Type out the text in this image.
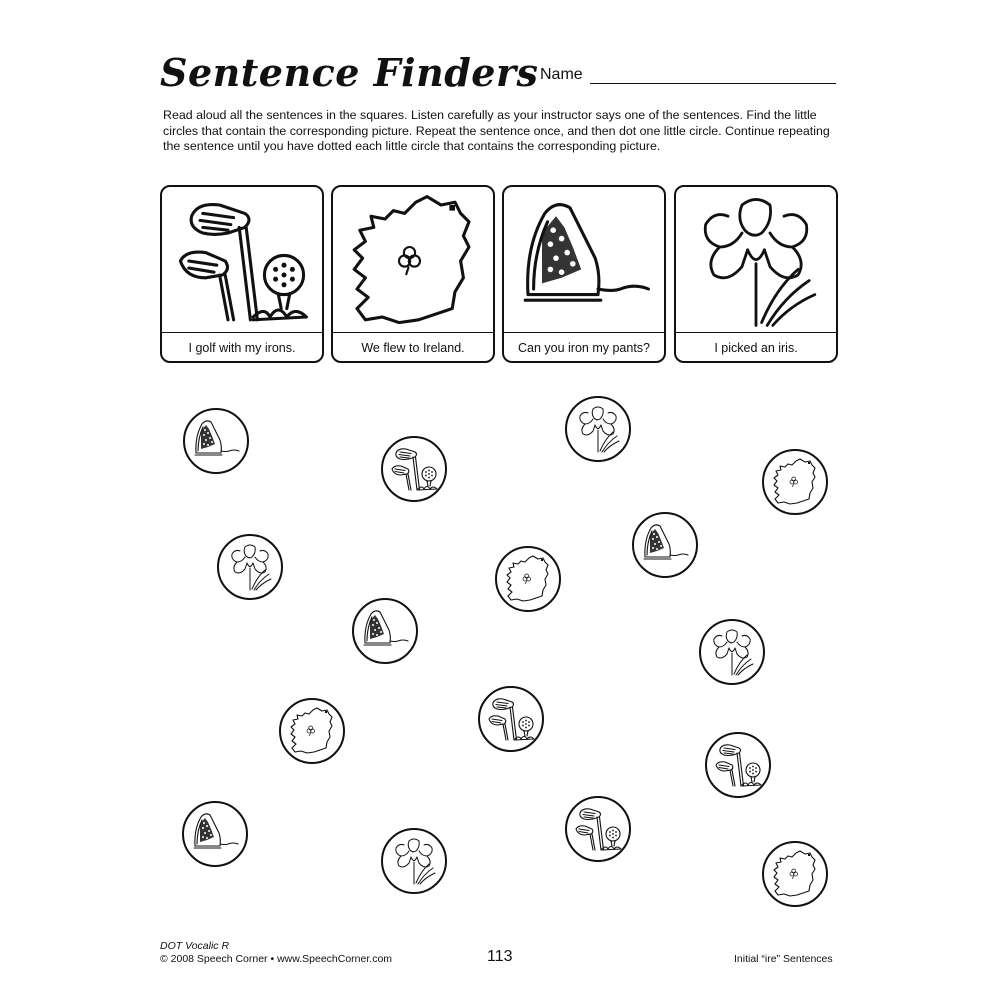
Sentence Finders Name
Read aloud all the sentences in the squares. Listen carefully as your instructor says one of the sentences. Find the little circles that contain the corresponding picture. Repeat the sentence once, and then dot one little circle. Continue repeating the sentence until you have dotted each little circle that contains the corresponding picture.
I golf with my irons.	We flew to Ireland.	Can you iron my pants?	I picked an iris.
DOT Vocalic R
© 2008 Speech Corner • www.SpeechCorner.com	113	Initial “ire” Sentences
